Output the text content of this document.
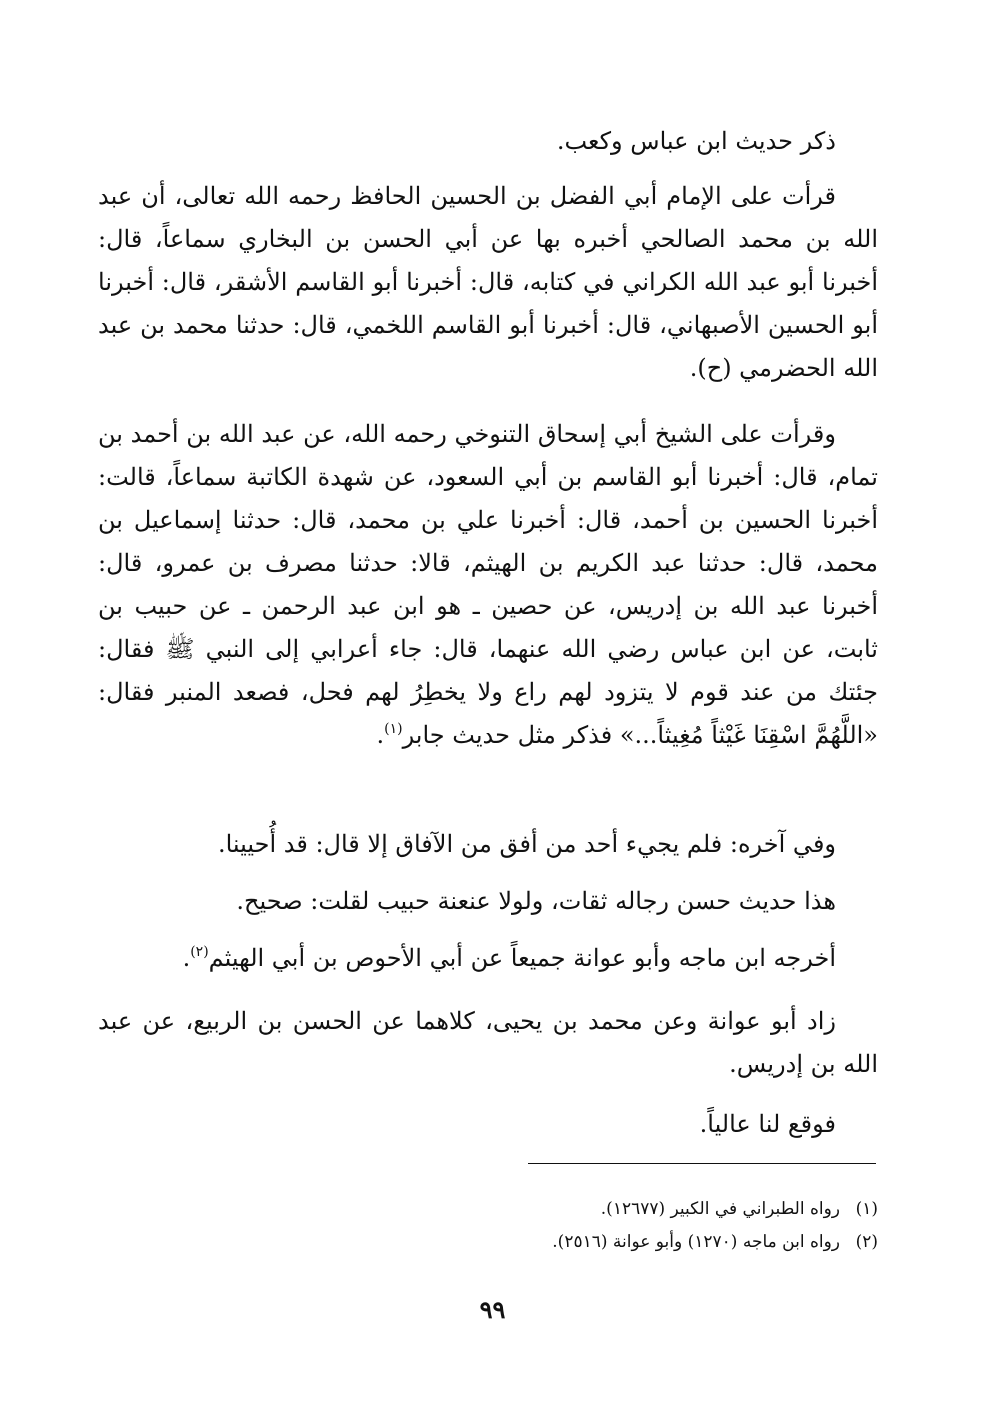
ذكر حديث ابن عباس وكعب.

قرأت على الإمام أبي الفضل بن الحسين الحافظ رحمه الله تعالى، أن عبد الله بن محمد الصالحي أخبره بها عن أبي الحسن بن البخاري سماعاً، قال: أخبرنا أبو عبد الله الكراني في كتابه، قال: أخبرنا أبو القاسم الأشقر، قال: أخبرنا أبو الحسين الأصبهاني، قال: أخبرنا أبو القاسم اللخمي، قال: حدثنا محمد بن عبد الله الحضرمي (ح).

وقرأت على الشيخ أبي إسحاق التنوخي رحمه الله، عن عبد الله بن أحمد بن تمام، قال: أخبرنا أبو القاسم بن أبي السعود، عن شهدة الكاتبة سماعاً، قالت: أخبرنا الحسين بن أحمد، قال: أخبرنا علي بن محمد، قال: حدثنا إسماعيل بن محمد، قال: حدثنا عبد الكريم بن الهيثم، قالا: حدثنا مصرف بن عمرو، قال: أخبرنا عبد الله بن إدريس، عن حصين ـ هو ابن عبد الرحمن ـ عن حبيب بن ثابت، عن ابن عباس رضي الله عنهما، قال: جاء أعرابي إلى النبي ﷺ فقال: جئتك من عند قوم لا يتزود لهم راع ولا يخطِرُ لهم فحل، فصعد المنبر فقال: «اللَّهُمَّ اسْقِنَا غَيْثاً مُغِيثاً...» فذكر مثل حديث جابر$^{(١)}$.

وفي آخره: فلم يجيء أحد من أفق من الآفاق إلا قال: قد أُحيينا.

هذا حديث حسن رجاله ثقات، ولولا عنعنة حبيب لقلت: صحيح.

أخرجه ابن ماجه وأبو عوانة جميعاً عن أبي الأحوص بن أبي الهيثم$^{(٢)}$.

زاد أبو عوانة وعن محمد بن يحيى، كلاهما عن الحسن بن الربيع، عن عبد الله بن إدريس.

فوقع لنا عالياً.

(١)
رواه الطبراني في الكبير (١٢٦٧٧).
(٢)
رواه ابن ماجه (١٢٧٠) وأبو عوانة (٢٥١٦).
٩٩
